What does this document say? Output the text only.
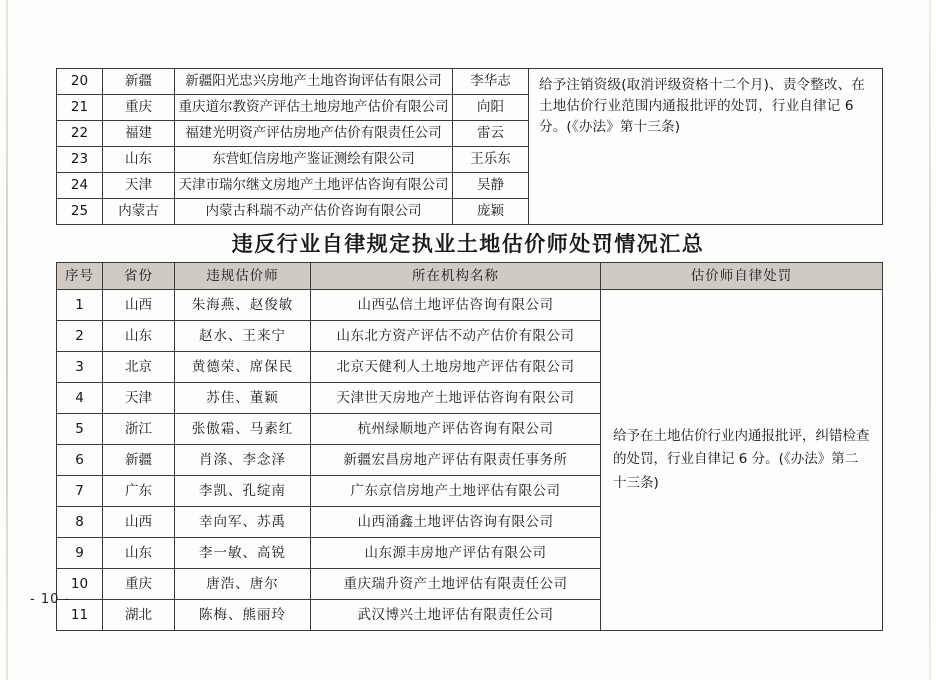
20	新疆	新疆阳光忠兴房地产土地咨询评估有限公司	李华志	给予注销资级(取消评级资格十二个月)、责令整改、在土地估价行业范围内通报批评的处罚，行业自律记 6 分。(《办法》第十三条)
21	重庆	重庆道尔教资产评估土地房地产估价有限公司	向阳	
22	福建	福建光明资产评估房地产估价有限责任公司	雷云	
23	山东	东营虹信房地产鉴证测绘有限公司	王乐东	
24	天津	天津市瑞尔继文房地产土地评估咨询有限公司	吴静	
25	内蒙古	内蒙古科瑞不动产估价咨询有限公司	庞颖	
违反行业自律规定执业土地估价师处罚情况汇总
序号	省份	违规估价师	所在机构名称	估价师自律处罚
1	山西	朱海燕、赵俊敏	山西弘信土地评估咨询有限公司	给予在土地估价行业内通报批评，纠错检查的处罚，行业自律记 6 分。(《办法》第二十三条)
2	山东	赵水、王来宁	山东北方资产评估不动产估价有限公司	
3	北京	黄德荣、席保民	北京天健利人土地房地产评估有限公司	
4	天津	苏佳、董颖	天津世天房地产土地评估咨询有限公司	
5	浙江	张傲霜、马素红	杭州绿顺地产评估咨询有限公司	
6	新疆	肖涤、李念泽	新疆宏昌房地产评估有限责任事务所	
7	广东	李凯、孔绽南	广东京信房地产土地评估有限公司	
8	山西	幸向军、苏禹	山西涌鑫土地评估咨询有限公司	
9	山东	李一敏、高锐	山东源丰房地产评估有限公司	
10	重庆	唐浩、唐尔	重庆瑞升资产土地评估有限责任公司	
11	湖北	陈梅、熊丽玲	武汉博兴土地评估有限责任公司	
- 10 -
